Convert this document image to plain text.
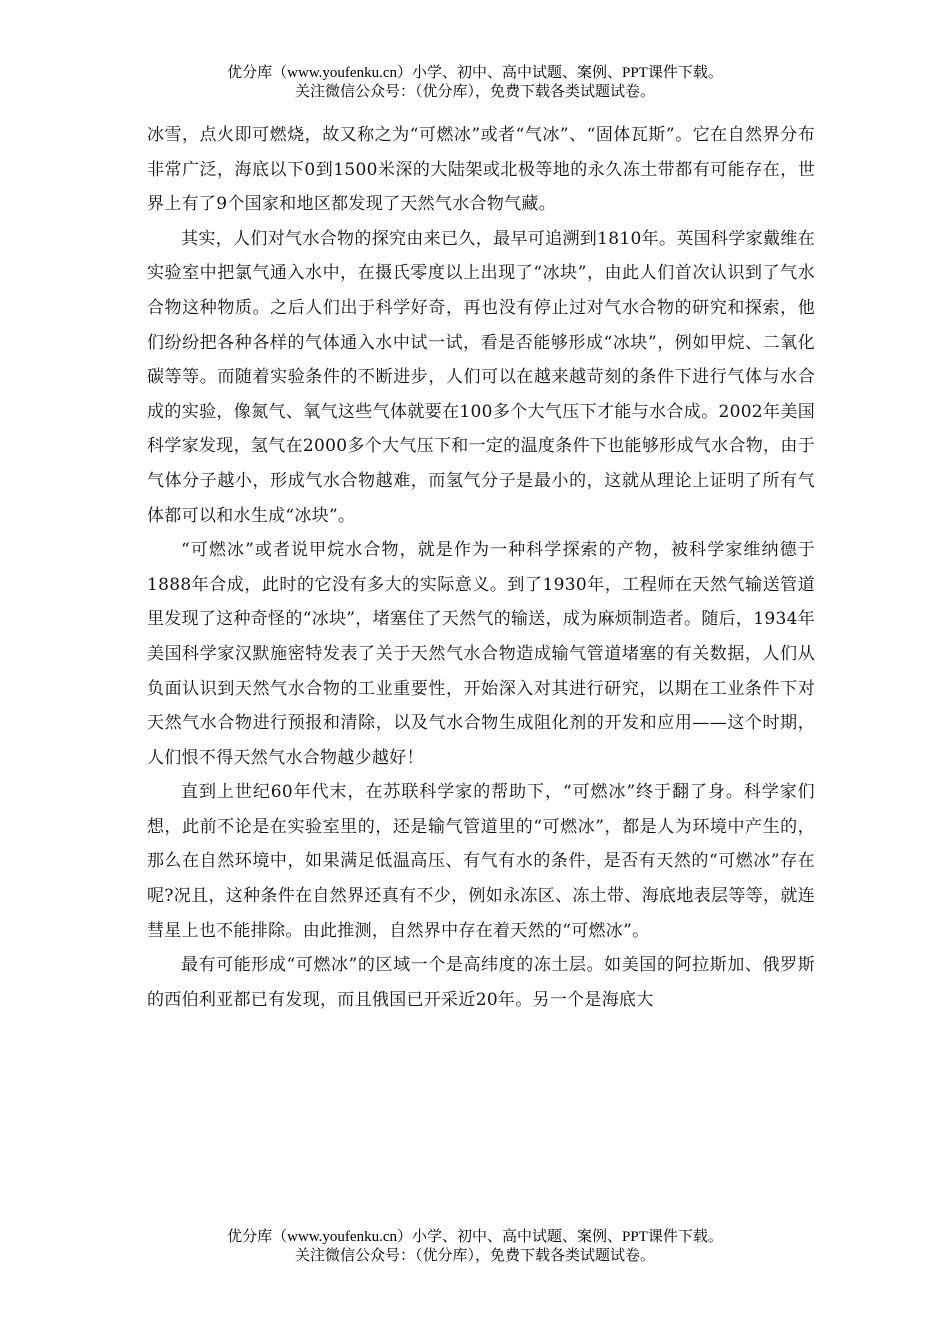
优分库（www.youfenku.cn）小学、初中、高中试题、案例、PPT课件下载。
关注微信公众号：（优分库），免费下载各类试题试卷。

冰雪，点火即可燃烧，故又称之为“可燃冰”或者“气冰”、“固体瓦斯”。它在自然界分布非常广泛，海底以下0到1500米深的大陆架或北极等地的永久冻土带都有可能存在，世界上有了9个国家和地区都发现了天然气水合物气藏。

其实，人们对气水合物的探究由来已久，最早可追溯到1810年。英国科学家戴维在实验室中把氯气通入水中，在摄氏零度以上出现了“冰块”，由此人们首次认识到了气水合物这种物质。之后人们出于科学好奇，再也没有停止过对气水合物的研究和探索，他们纷纷把各种各样的气体通入水中试一试，看是否能够形成“冰块”，例如甲烷、二氧化碳等等。而随着实验条件的不断进步，人们可以在越来越苛刻的条件下进行气体与水合成的实验，像氮气、氧气这些气体就要在100多个大气压下才能与水合成。2002年美国科学家发现，氢气在2000多个大气压下和一定的温度条件下也能够形成气水合物，由于气体分子越小，形成气水合物越难，而氢气分子是最小的，这就从理论上证明了所有气体都可以和水生成“冰块”。

“可燃冰”或者说甲烷水合物，就是作为一种科学探索的产物，被科学家维纳德于1888年合成，此时的它没有多大的实际意义。到了1930年，工程师在天然气输送管道里发现了这种奇怪的“冰块”，堵塞住了天然气的输送，成为麻烦制造者。随后，1934年美国科学家汉默施密特发表了关于天然气水合物造成输气管道堵塞的有关数据，人们从负面认识到天然气水合物的工业重要性，开始深入对其进行研究，以期在工业条件下对天然气水合物进行预报和清除，以及气水合物生成阻化剂的开发和应用——这个时期，人们恨不得天然气水合物越少越好！

直到上世纪60年代末，在苏联科学家的帮助下，“可燃冰”终于翻了身。科学家们想，此前不论是在实验室里的，还是输气管道里的“可燃冰”，都是人为环境中产生的，那么在自然环境中，如果满足低温高压、有气有水的条件，是否有天然的“可燃冰”存在呢?况且，这种条件在自然界还真有不少，例如永冻区、冻土带、海底地表层等等，就连彗星上也不能排除。由此推测，自然界中存在着天然的“可燃冰”。

最有可能形成“可燃冰”的区域一个是高纬度的冻土层。如美国的阿拉斯加、俄罗斯的西伯利亚都已有发现，而且俄国已开采近20年。另一个是海底大

优分库（www.youfenku.cn）小学、初中、高中试题、案例、PPT课件下载。
关注微信公众号：（优分库），免费下载各类试题试卷。
